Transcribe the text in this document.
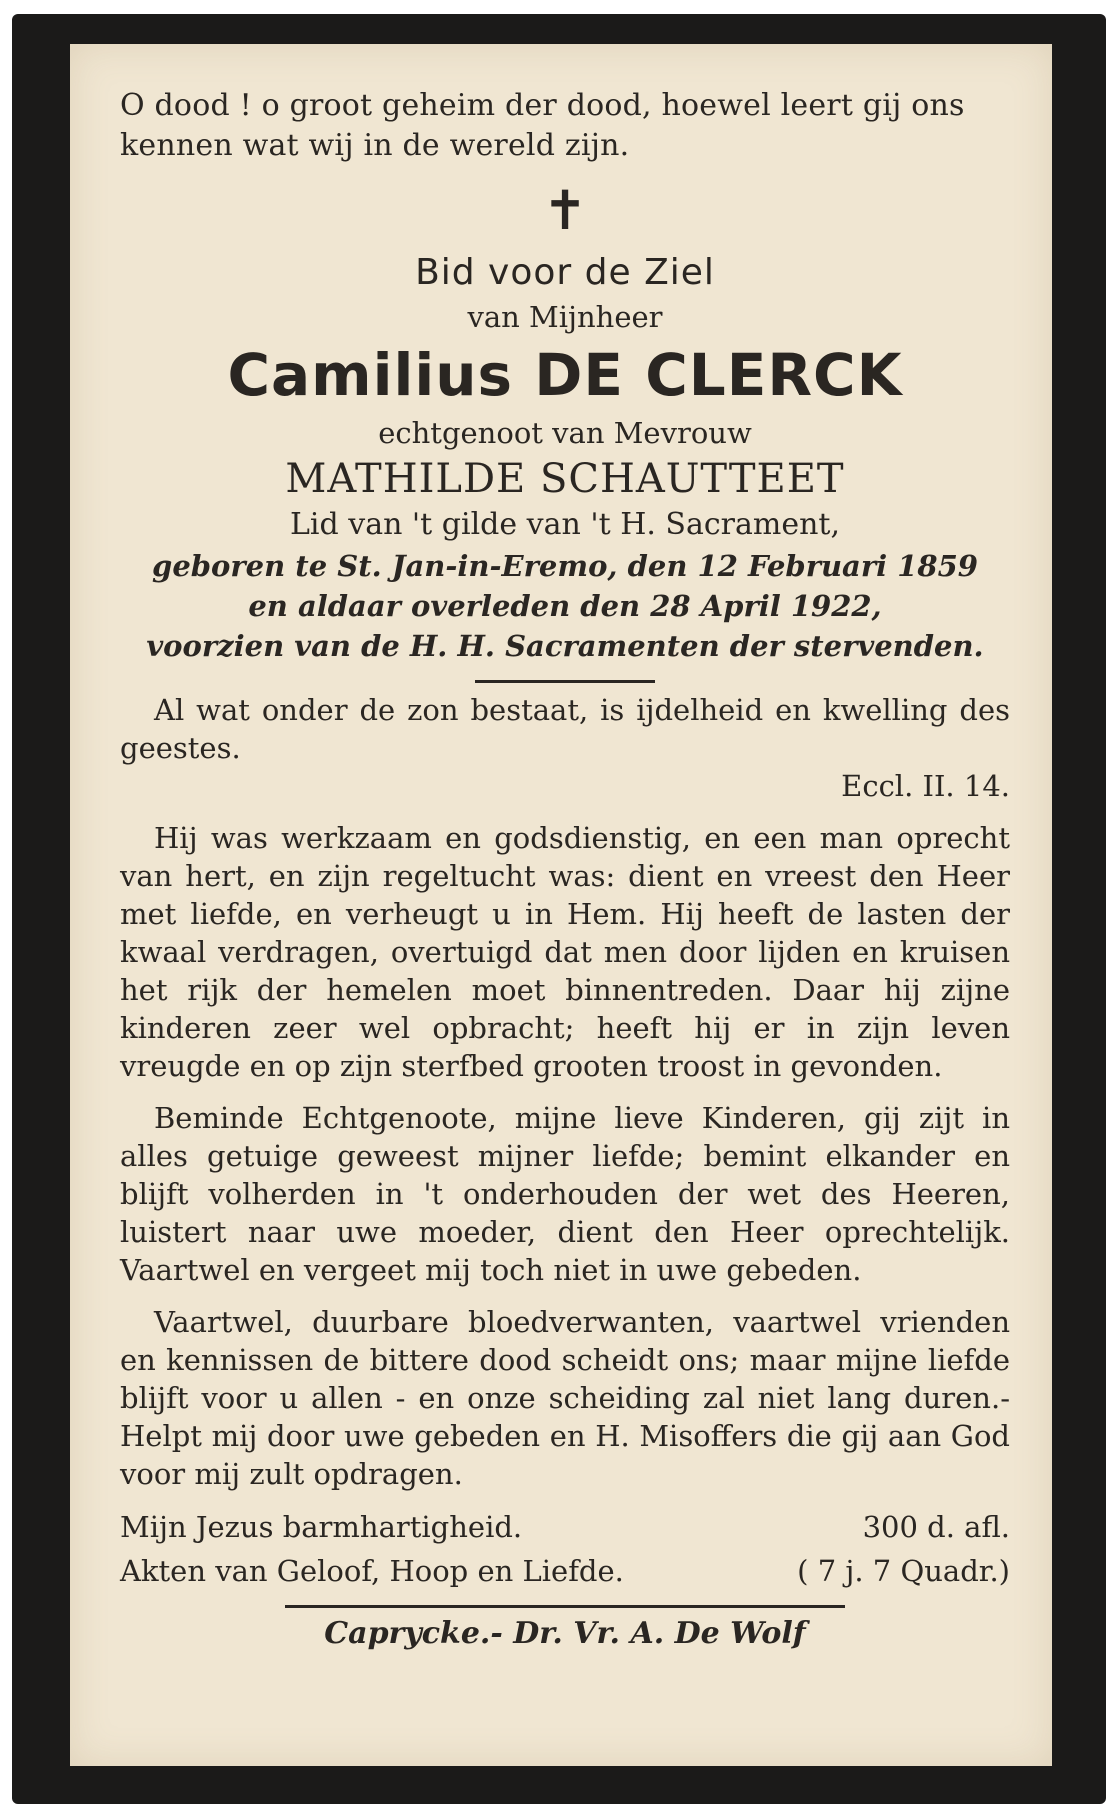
O dood ! o groot geheim der dood, hoewel leert gij ons kennen wat wij in de wereld zijn.

✝

Bid voor de Ziel

van Mijnheer

Camilius DE CLERCK

echtgenoot van Mevrouw

MATHILDE SCHAUTTEET

Lid van 't gilde van 't H. Sacrament,

geboren te St. Jan-in-Eremo, den 12 Februari 1859

en aldaar overleden den 28 April 1922,

voorzien van de H. H. Sacramenten der stervenden.

Al wat onder de zon bestaat, is ijdelheid en kwelling des geestes.

Eccl. II. 14.

Hij was werkzaam en godsdienstig, en een man oprecht van hert, en zijn regeltucht was: dient en vreest den Heer met liefde, en verheugt u in Hem. Hij heeft de lasten der kwaal verdragen, overtuigd dat men door lijden en kruisen het rijk der hemelen moet binnentreden. Daar hij zijne kinderen zeer wel opbracht; heeft hij er in zijn leven vreugde en op zijn sterfbed grooten troost in gevonden.

Beminde Echtgenoote, mijne lieve Kinderen, gij zijt in alles getuige geweest mijner liefde; bemint elkander en blijft volherden in 't onderhouden der wet des Heeren, luistert naar uwe moeder, dient den Heer oprechtelijk. Vaartwel en vergeet mij toch niet in uwe gebeden.

Vaartwel, duurbare bloedverwanten, vaartwel vrienden en kennissen de bittere dood scheidt ons; maar mijne liefde blijft voor u allen - en onze scheiding zal niet lang duren.- Helpt mij door uwe gebeden en H. Misoffers die gij aan God voor mij zult opdragen.

Mijn Jezus barmhartigheid.	300 d. afl.
Akten van Geloof, Hoop en Liefde.	( 7 j. 7 Quadr.)

Caprycke.- Dr. Vr. A. De Wolf
